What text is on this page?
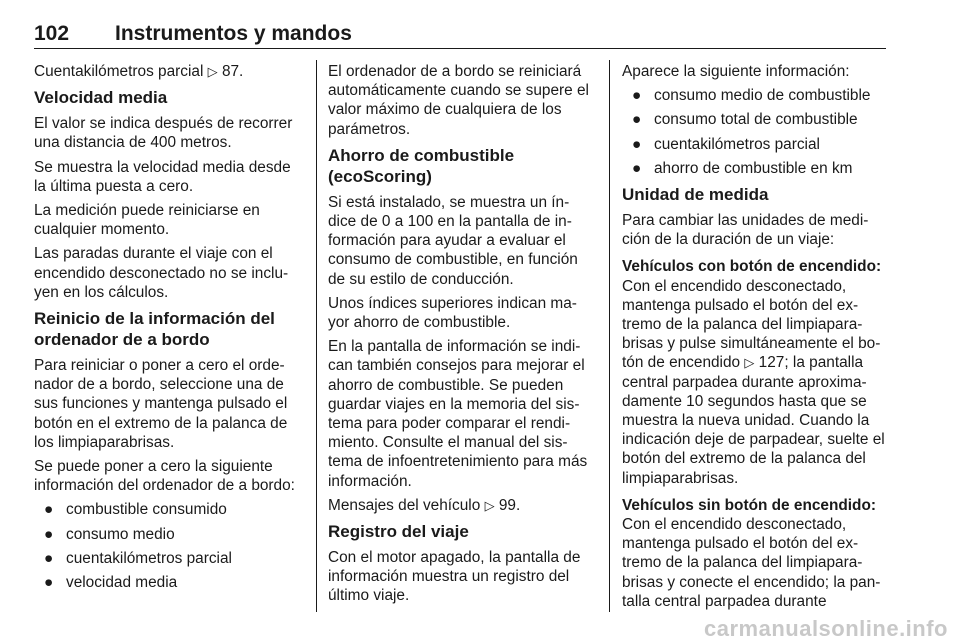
102 Instrumentos y mandos

Cuentakilómetros parcial ▷ 87.

Velocidad media

El valor se indica después de recorrer una distancia de 400 metros.

Se muestra la velocidad media desde la última puesta a cero.

La medición puede reiniciarse en cualquier momento.

Las paradas durante el viaje con el encendido desconectado no se inclu‑ yen en los cálculos.

Reinicio de la información del ordenador de a bordo

Para reiniciar o poner a cero el orde‑ nador de a bordo, seleccione una de sus funciones y mantenga pulsado el botón en el extremo de la palanca de los limpiaparabrisas.

Se puede poner a cero la siguiente información del ordenador de a bordo:

● combustible consumido
● consumo medio
● cuentakilómetros parcial
● velocidad media

El ordenador de a bordo se reiniciará automáticamente cuando se supere el valor máximo de cualquiera de los parámetros.

Ahorro de combustible (ecoScoring)

Si está instalado, se muestra un ín‑ dice de 0 a 100 en la pantalla de in‑ formación para ayudar a evaluar el consumo de combustible, en función de su estilo de conducción.

Unos índices superiores indican ma‑ yor ahorro de combustible.

En la pantalla de información se indi‑ can también consejos para mejorar el ahorro de combustible. Se pueden guardar viajes en la memoria del sis‑ tema para poder comparar el rendi‑ miento. Consulte el manual del sis‑ tema de infoentretenimiento para más información.

Mensajes del vehículo ▷ 99.

Registro del viaje

Con el motor apagado, la pantalla de información muestra un registro del último viaje.

Aparece la siguiente información:

● consumo medio de combustible
● consumo total de combustible
● cuentakilómetros parcial
● ahorro de combustible en km
Unidad de medida

Para cambiar las unidades de medi‑ ción de la duración de un viaje:

Vehículos con botón de encendido:

Con el encendido desconectado, mantenga pulsado el botón del ex‑ tremo de la palanca del limpiapara‑ brisas y pulse simultáneamente el bo‑ tón de encendido ▷ 127; la pantalla central parpadea durante aproxima‑ damente 10 segundos hasta que se muestra la nueva unidad. Cuando la indicación deje de parpadear, suelte el botón del extremo de la palanca del limpiaparabrisas.

Vehículos sin botón de encendido:

Con el encendido desconectado, mantenga pulsado el botón del ex‑ tremo de la palanca del limpiapara‑ brisas y conecte el encendido; la pan‑ talla central parpadea durante

carmanualsonline.info
